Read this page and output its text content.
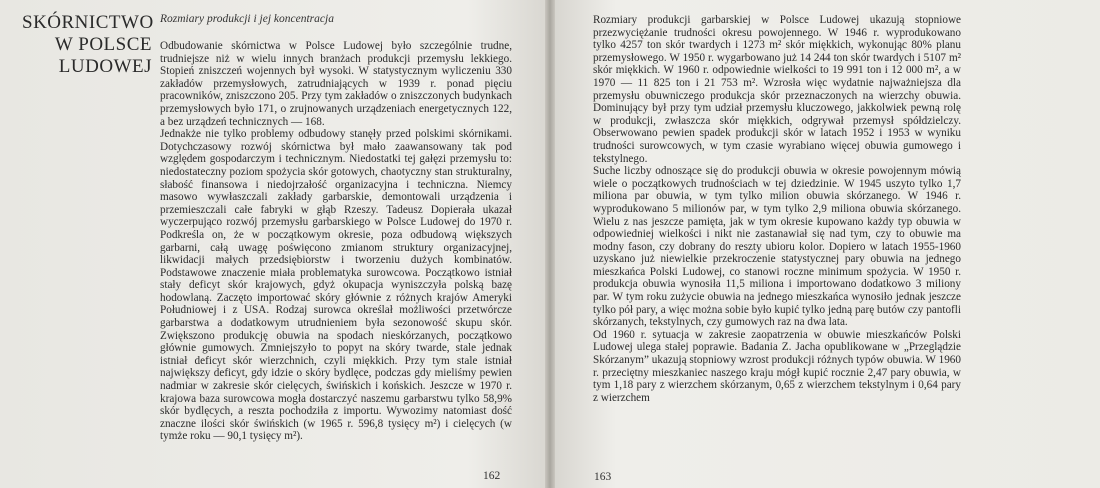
SKÓRNICTWO
W POLSCE
LUDOWEJ
Rozmiary produkcji i jej koncentracja

Odbudowanie skórnictwa w Polsce Ludowej było szczególnie trudne, trudniejsze niż w wielu innych branżach produkcji przemysłu lekkiego. Stopień zniszczeń wojennych był wysoki. W statystycznym wyliczeniu 330 zakładów przemysłowych, zatrudniających w 1939 r. ponad pięciu pracowników, zniszczono 205. Przy tym zakładów o zniszczonych budynkach przemysłowych było 171, o zrujnowanych urządzeniach energetycznych 122, a bez urządzeń technicznych — 168.

Jednakże nie tylko problemy odbudowy stanęły przed polskimi skórnikami. Dotychczasowy rozwój skórnictwa był mało zaawansowany tak pod względem gospodarczym i technicznym. Niedostatki tej gałęzi przemysłu to: niedostateczny poziom spożycia skór gotowych, chaotyczny stan strukturalny, słabość finansowa i niedojrzałość organizacyjna i techniczna. Niemcy masowo wywłaszczali zakłady garbarskie, demontowali urządzenia i przemieszczali całe fabryki w głąb Rzeszy. Tadeusz Dopierała ukazał wyczerpująco rozwój przemysłu garbarskiego w Polsce Ludowej do 1970 r. Podkreśla on, że w początkowym okresie, poza odbudową większych garbarni, całą uwagę poświęcono zmianom struktury organizacyjnej, likwidacji małych przedsiębiorstw i tworzeniu dużych kombinatów. Podstawowe znaczenie miała problematyka surowcowa. Początkowo istniał stały deficyt skór krajowych, gdyż okupacja wyniszczyła polską bazę hodowlaną. Zaczęto importować skóry głównie z różnych krajów Ameryki Południowej i z USA. Rodzaj surowca określał możliwości przetwórcze garbarstwa a dodatkowym utrudnieniem była sezonowość skupu skór. Zwiększono produkcję obuwia na spodach nieskórzanych, początkowo głównie gumowych. Zmniejszyło to popyt na skóry twarde, stale jednak istniał deficyt skór wierzchnich, czyli miękkich. Przy tym stale istniał największy deficyt, gdy idzie o skóry bydlęce, podczas gdy mieliśmy pewien nadmiar w zakresie skór cielęcych, świńskich i końskich. Jeszcze w 1970 r. krajowa baza surowcowa mogła dostarczyć naszemu garbarstwu tylko 58,9% skór bydlęcych, a reszta pochodziła z importu. Wywozimy natomiast dość znaczne ilości skór świńskich (w 1965 r. 596,8 tysięcy m²) i cielęcych (w tymże roku — 90,1 tysięcy m²).

162

Rozmiary produkcji garbarskiej w Polsce Ludowej ukazują stopniowe przezwyciężanie trudności okresu powojennego. W 1946 r. wyprodukowano tylko 4257 ton skór twardych i 1273 m² skór miękkich, wykonując 80% planu przemysłowego. W 1950 r. wygarbowano już 14 244 ton skór twardych i 5107 m² skór miękkich. W 1960 r. odpowiednie wielkości to 19 991 ton i 12 000 m², a w 1970 — 11 825 ton i 21 753 m². Wzrosła więc wydatnie najważniejsza dla przemysłu obuwniczego produkcja skór przeznaczonych na wierzchy obuwia. Dominujący był przy tym udział przemysłu kluczowego, jakkolwiek pewną rolę w produkcji, zwłaszcza skór miękkich, odgrywał przemysł spółdzielczy. Obserwowano pewien spadek produkcji skór w latach 1952 i 1953 w wyniku trudności surowcowych, w tym czasie wyrabiano więcej obuwia gumowego i tekstylnego.

Suche liczby odnoszące się do produkcji obuwia w okresie powojennym mówią wiele o początkowych trudnościach w tej dziedzinie. W 1945 uszyto tylko 1,7 miliona par obuwia, w tym tylko milion obuwia skórzanego. W 1946 r. wyprodukowano 5 milionów par, w tym tylko 2,9 miliona obuwia skórzanego. Wielu z nas jeszcze pamięta, jak w tym okresie kupowano każdy typ obuwia w odpowiedniej wielkości i nikt nie zastanawiał się nad tym, czy to obuwie ma modny fason, czy dobrany do reszty ubioru kolor. Dopiero w latach 1955-1960 uzyskano już niewielkie przekroczenie statystycznej pary obuwia na jednego mieszkańca Polski Ludowej, co stanowi roczne minimum spożycia. W 1950 r. produkcja obuwia wynosiła 11,5 miliona i importowano dodatkowo 3 miliony par. W tym roku zużycie obuwia na jednego mieszkańca wynosiło jednak jeszcze tylko pół pary, a więc można sobie było kupić tylko jedną parę butów czy pantofli skórzanych, tekstylnych, czy gumowych raz na dwa lata.

Od 1960 r. sytuacja w zakresie zaopatrzenia w obuwie mieszkańców Polski Ludowej ulega stałej poprawie. Badania Z. Jacha opublikowane w „Przeglądzie Skórzanym” ukazują stopniowy wzrost produkcji różnych typów obuwia. W 1960 r. przeciętny mieszkaniec naszego kraju mógł kupić rocznie 2,47 pary obuwia, w tym 1,18 pary z wierzchem skórzanym, 0,65 z wierzchem tekstylnym i 0,64 pary z wierzchem

163
